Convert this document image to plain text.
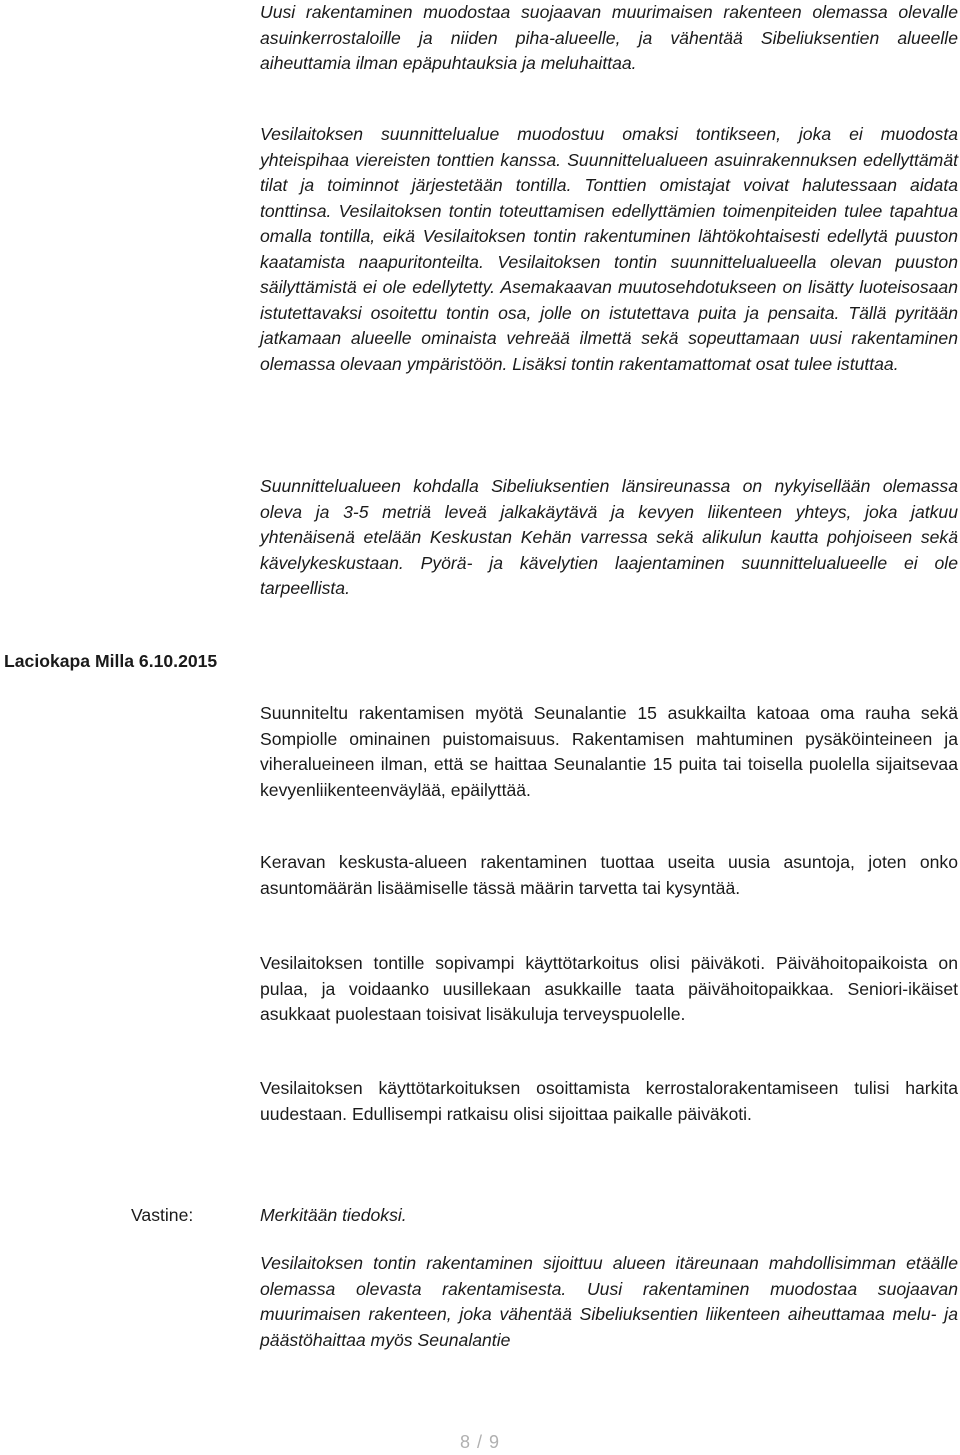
Uusi rakentaminen muodostaa suojaavan muurimaisen rakenteen olemassa olevalle asuinkerrostaloille ja niiden piha-alueelle, ja vähentää Sibeliuksentien alueelle aiheuttamia ilman epäpuhtauksia ja meluhaittaa.

Vesilaitoksen suunnittelualue muodostuu omaksi tontikseen, joka ei muodosta yhteispihaa viereisten tonttien kanssa. Suunnittelualueen asuinrakennuksen edellyttämät tilat ja toiminnot järjestetään tontilla. Tonttien omistajat voivat halutessaan aidata tonttinsa. Vesilaitoksen tontin toteuttamisen edellyttämien toimenpiteiden tulee tapahtua omalla tontilla, eikä Vesilaitoksen tontin rakentuminen lähtökohtaisesti edellytä puuston kaatamista naapuritonteilta. Vesilaitoksen tontin suunnittelualueella olevan puuston säilyttämistä ei ole edellytetty. Asemakaavan muutosehdotukseen on lisätty luoteisosaan istutettavaksi osoitettu tontin osa, jolle on istutettava puita ja pensaita. Tällä pyritään jatkamaan alueelle ominaista vehreää ilmettä sekä sopeuttamaan uusi rakentaminen olemassa olevaan ympäristöön. Lisäksi tontin rakentamattomat osat tulee istuttaa.

Suunnittelualueen kohdalla Sibeliuksentien länsireunassa on nykyisellään olemassa oleva ja 3-5 metriä leveä jalkakäytävä ja kevyen liikenteen yhteys, joka jatkuu yhtenäisenä etelään Keskustan Kehän varressa sekä alikulun kautta pohjoiseen sekä kävelykeskustaan. Pyörä- ja kävelytien laajentaminen suunnittelualueelle ei ole tarpeellista.

Laciokapa Milla 6.10.2015

Suunniteltu rakentamisen myötä Seunalantie 15 asukkailta katoaa oma rauha sekä Sompiolle ominainen puistomaisuus. Rakentamisen mahtuminen pysäköinteineen ja viheralueineen ilman, että se haittaa Seunalantie 15 puita tai toisella puolella sijaitsevaa kevyenliikenteenväylää, epäilyttää.

Keravan keskusta-alueen rakentaminen tuottaa useita uusia asuntoja, joten onko asuntomäärän lisäämiselle tässä määrin tarvetta tai kysyntää.

Vesilaitoksen tontille sopivampi käyttötarkoitus olisi päiväkoti. Päivähoitopaikoista on pulaa, ja voidaanko uusillekaan asukkaille taata päivähoitopaikkaa. Seniori-ikäiset asukkaat puolestaan toisivat lisäkuluja terveyspuolelle.

Vesilaitoksen käyttötarkoituksen osoittamista kerrostalorakentamiseen tulisi harkita uudestaan. Edullisempi ratkaisu olisi sijoittaa paikalle päiväkoti.

Vastine:	Merkitään tiedoksi.

Vesilaitoksen tontin rakentaminen sijoittuu alueen itäreunaan mahdollisimman etäälle olemassa olevasta rakentamisesta. Uusi rakentaminen muodostaa suojaavan muurimaisen rakenteen, joka vähentää Sibeliuksentien liikenteen aiheuttamaa melu- ja päästöhaittaa myös Seunalantie

8 / 9
